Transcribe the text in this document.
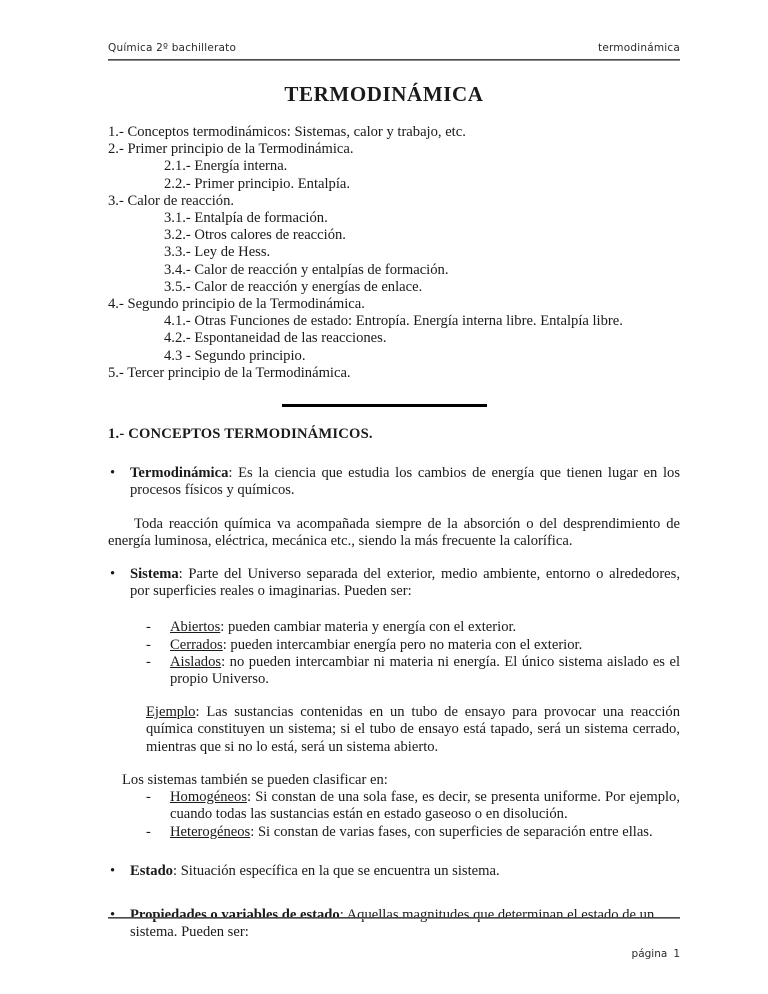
Química 2º bachillerato	termodinámica
TERMODINÁMICA
1.- Conceptos termodinámicos: Sistemas, calor y trabajo, etc.
2.- Primer principio de la Termodinámica.
2.1.- Energía interna.
2.2.- Primer principio. Entalpía.
3.- Calor de reacción.
3.1.- Entalpía de formación.
3.2.- Otros calores de reacción.
3.3.- Ley de Hess.
3.4.- Calor de reacción y entalpías de formación.
3.5.- Calor de reacción y energías de enlace.
4.- Segundo principio de la Termodinámica.
4.1.- Otras Funciones de estado: Entropía. Energía interna libre. Entalpía libre.
4.2.- Espontaneidad de las reacciones.
4.3 - Segundo principio.
5.- Tercer principio de la Termodinámica.
1.- CONCEPTOS TERMODINÁMICOS.
• Termodinámica: Es la ciencia que estudia los cambios de energía que tienen lugar en los procesos físicos y químicos.

Toda reacción química va acompañada siempre de la absorción o del desprendimiento de energía luminosa, eléctrica, mecánica etc., siendo la más frecuente la calorífica.

• Sistema: Parte del Universo separada del exterior, medio ambiente, entorno o alrededores, por superficies reales o imaginarias. Pueden ser:
- Abiertos: pueden cambiar materia y energía con el exterior.
- Cerrados: pueden intercambiar energía pero no materia con el exterior.
- Aislados: no pueden intercambiar ni materia ni energía. El único sistema aislado es el propio Universo.

Ejemplo: Las sustancias contenidas en un tubo de ensayo para provocar una reacción química constituyen un sistema; si el tubo de ensayo está tapado, será un sistema cerrado, mientras que si no lo está, será un sistema abierto.

Los sistemas también se pueden clasificar en:

- Homogéneos: Si constan de una sola fase, es decir, se presenta uniforme. Por ejemplo, cuando todas las sustancias están en estado gaseoso o en disolución.
- Heterogéneos: Si constan de varias fases, con superficies de separación entre ellas.
• Estado: Situación específica en la que se encuentra un sistema.
• Propiedades o variables de estado: Aquellas magnitudes que determinan el estado de un sistema. Pueden ser:
página 1
